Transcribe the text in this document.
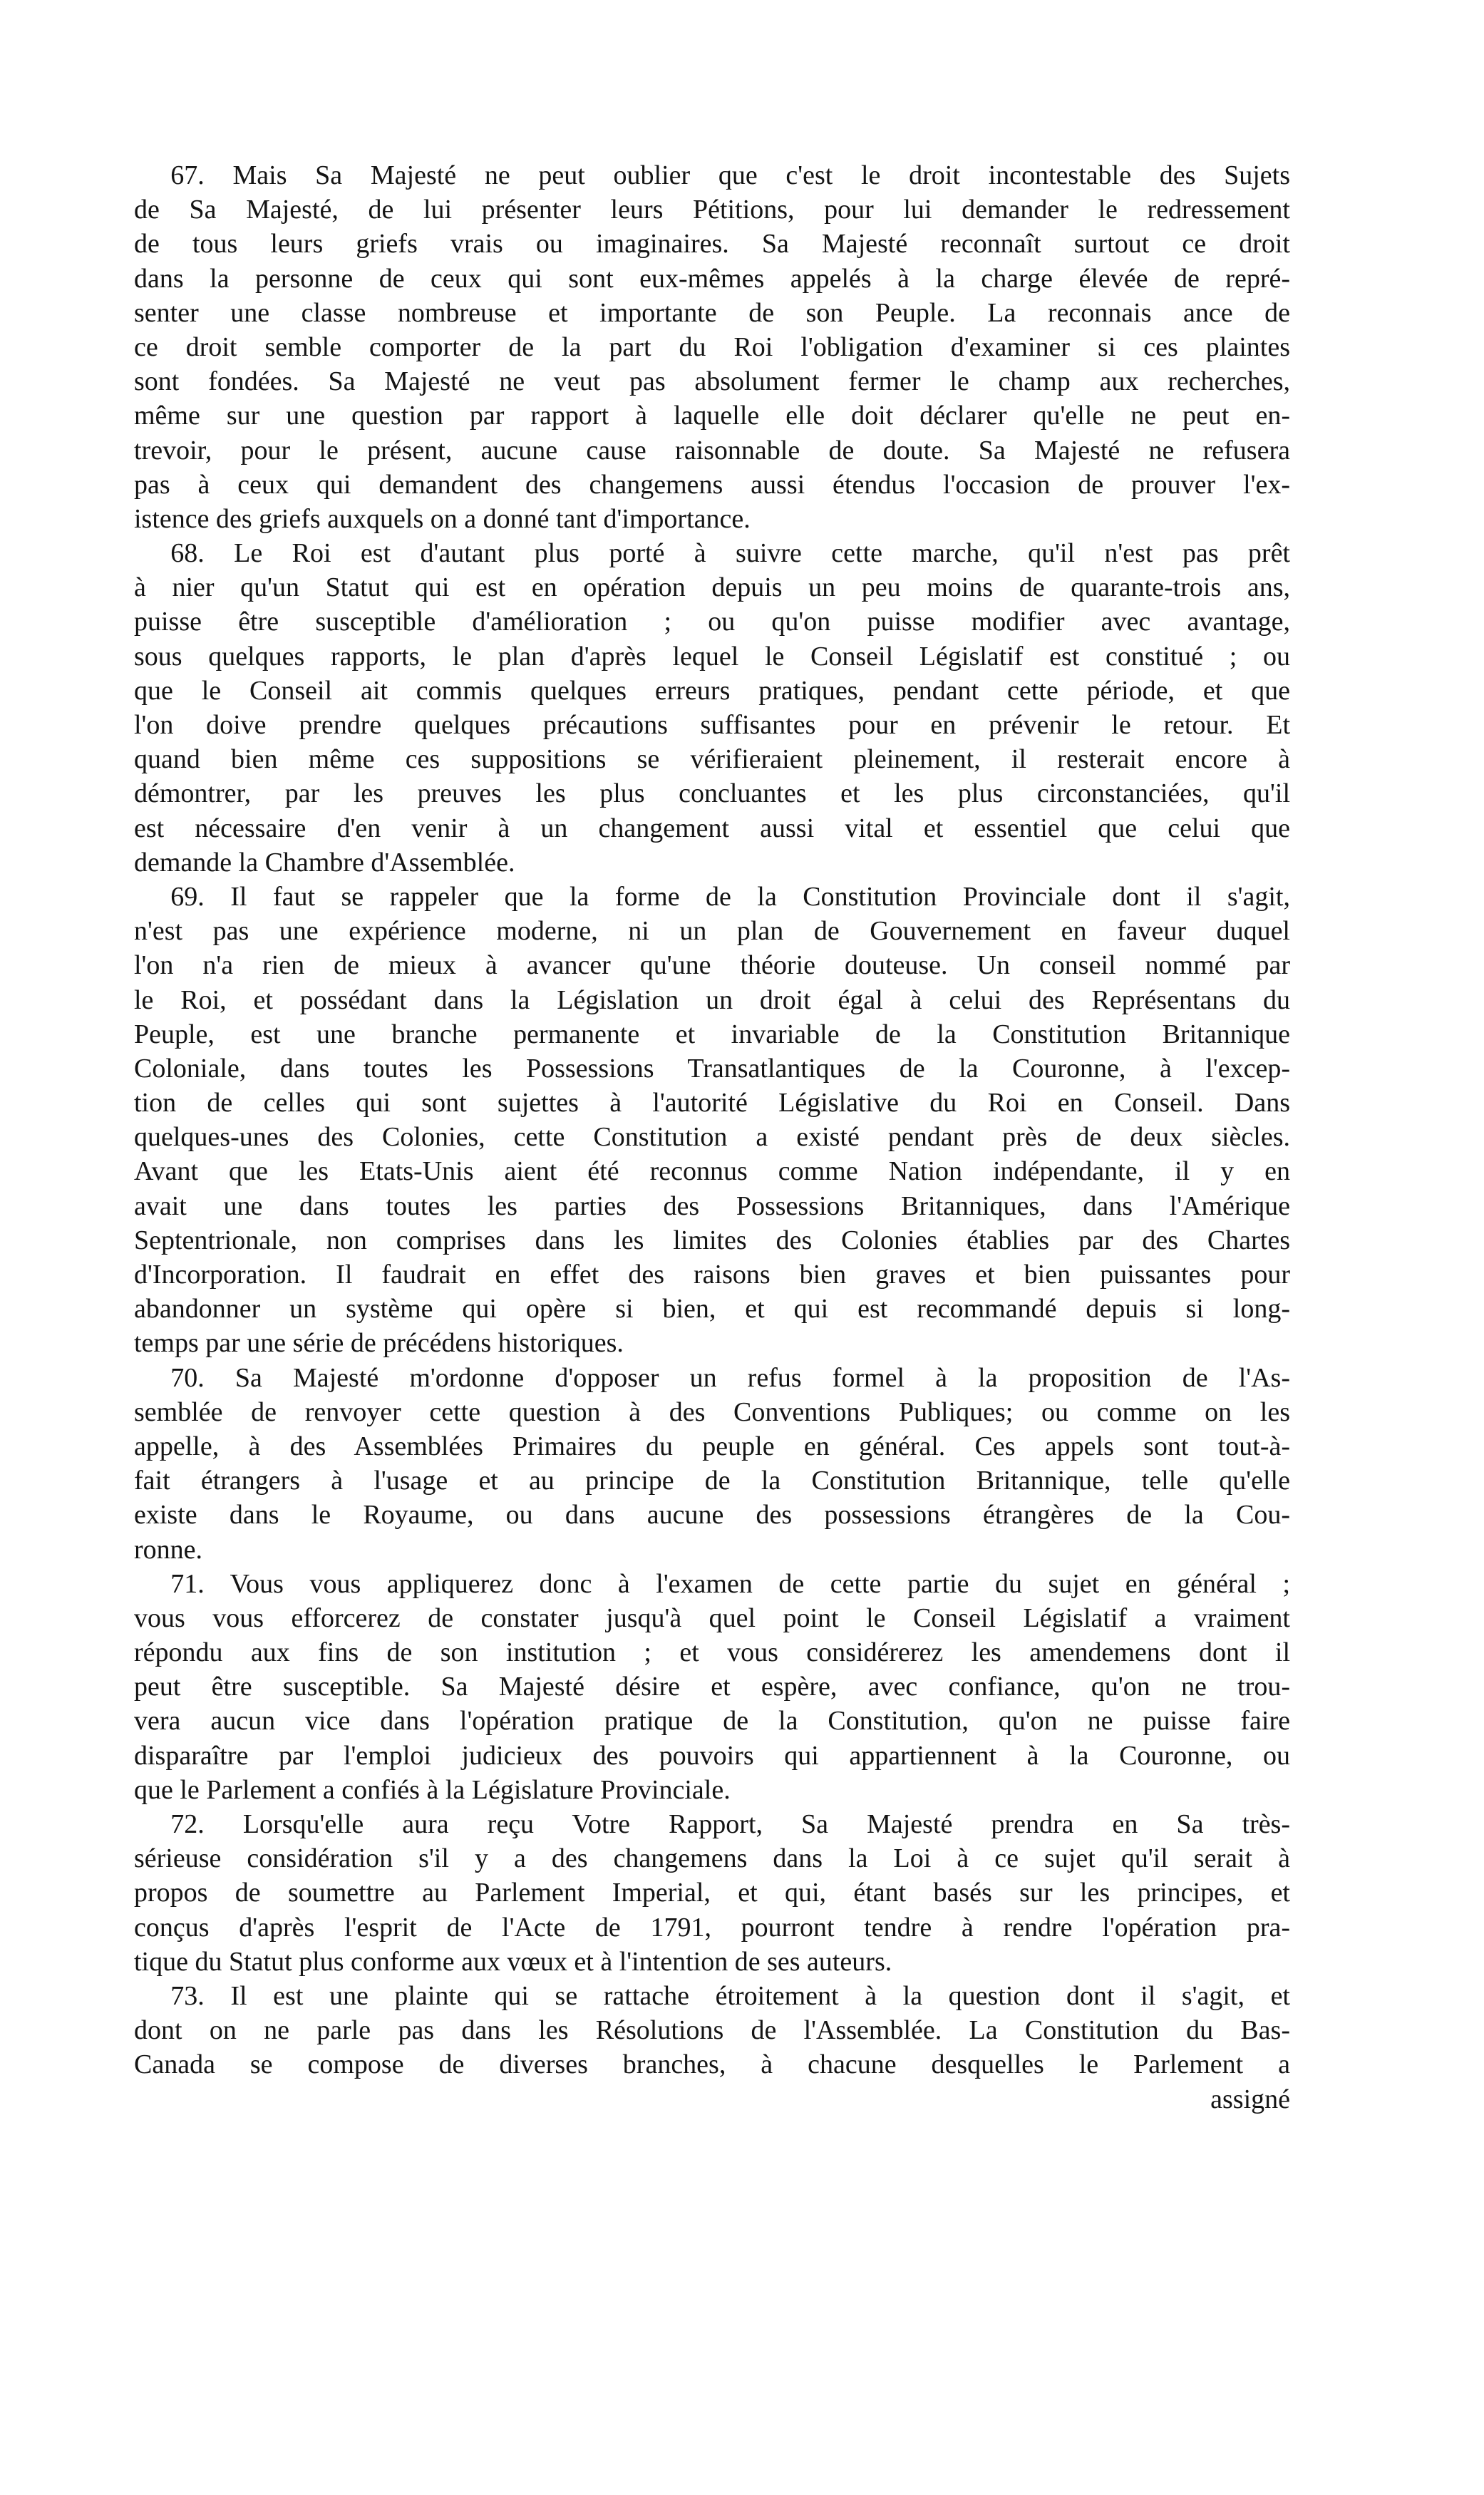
67. Mais Sa Majesté ne peut oublier que c'est le droit incontestable des Sujets
de Sa Majesté, de lui présenter leurs Pétitions, pour lui demander le redressement
de tous leurs griefs vrais ou imaginaires. Sa Majesté reconnaît surtout ce droit
dans la personne de ceux qui sont eux-mêmes appelés à la charge élevée de repré-
senter une classe nombreuse et importante de son Peuple. La reconnais ance de
ce droit semble comporter de la part du Roi l'obligation d'examiner si ces plaintes
sont fondées. Sa Majesté ne veut pas absolument fermer le champ aux recherches,
même sur une question par rapport à laquelle elle doit déclarer qu'elle ne peut en-
trevoir, pour le présent, aucune cause raisonnable de doute. Sa Majesté ne refusera
pas à ceux qui demandent des changemens aussi étendus l'occasion de prouver l'ex-
istence des griefs auxquels on a donné tant d'importance.
68. Le Roi est d'autant plus porté à suivre cette marche, qu'il n'est pas prêt
à nier qu'un Statut qui est en opération depuis un peu moins de quarante-trois ans,
puisse être susceptible d'amélioration ; ou qu'on puisse modifier avec avantage,
sous quelques rapports, le plan d'après lequel le Conseil Législatif est constitué ; ou
que le Conseil ait commis quelques erreurs pratiques, pendant cette période, et que
l'on doive prendre quelques précautions suffisantes pour en prévenir le retour. Et
quand bien même ces suppositions se vérifieraient pleinement, il resterait encore à
démontrer, par les preuves les plus concluantes et les plus circonstanciées, qu'il
est nécessaire d'en venir à un changement aussi vital et essentiel que celui que
demande la Chambre d'Assemblée.
69. Il faut se rappeler que la forme de la Constitution Provinciale dont il s'agit,
n'est pas une expérience moderne, ni un plan de Gouvernement en faveur duquel
l'on n'a rien de mieux à avancer qu'une théorie douteuse. Un conseil nommé par
le Roi, et possédant dans la Législation un droit égal à celui des Représentans du
Peuple, est une branche permanente et invariable de la Constitution Britannique
Coloniale, dans toutes les Possessions Transatlantiques de la Couronne, à l'excep-
tion de celles qui sont sujettes à l'autorité Législative du Roi en Conseil. Dans
quelques-unes des Colonies, cette Constitution a existé pendant près de deux siècles.
Avant que les Etats-Unis aient été reconnus comme Nation indépendante, il y en
avait une dans toutes les parties des Possessions Britanniques, dans l'Amérique
Septentrionale, non comprises dans les limites des Colonies établies par des Chartes
d'Incorporation. Il faudrait en effet des raisons bien graves et bien puissantes pour
abandonner un système qui opère si bien, et qui est recommandé depuis si long-
temps par une série de précédens historiques.
70. Sa Majesté m'ordonne d'opposer un refus formel à la proposition de l'As-
semblée de renvoyer cette question à des Conventions Publiques; ou comme on les
appelle, à des Assemblées Primaires du peuple en général. Ces appels sont tout-à-
fait étrangers à l'usage et au principe de la Constitution Britannique, telle qu'elle
existe dans le Royaume, ou dans aucune des possessions étrangères de la Cou-
ronne.
71. Vous vous appliquerez donc à l'examen de cette partie du sujet en général ;
vous vous efforcerez de constater jusqu'à quel point le Conseil Législatif a vraiment
répondu aux fins de son institution ; et vous considérerez les amendemens dont il
peut être susceptible. Sa Majesté désire et espère, avec confiance, qu'on ne trou-
vera aucun vice dans l'opération pratique de la Constitution, qu'on ne puisse faire
disparaître par l'emploi judicieux des pouvoirs qui appartiennent à la Couronne, ou
que le Parlement a confiés à la Législature Provinciale.
72. Lorsqu'elle aura reçu Votre Rapport, Sa Majesté prendra en Sa très-
sérieuse considération s'il y a des changemens dans la Loi à ce sujet qu'il serait à
propos de soumettre au Parlement Imperial, et qui, étant basés sur les principes, et
conçus d'après l'esprit de l'Acte de 1791, pourront tendre à rendre l'opération pra-
tique du Statut plus conforme aux vœux et à l'intention de ses auteurs.
73. Il est une plainte qui se rattache étroitement à la question dont il s'agit, et
dont on ne parle pas dans les Résolutions de l'Assemblée. La Constitution du Bas-
Canada se compose de diverses branches, à chacune desquelles le Parlement a
assigné
